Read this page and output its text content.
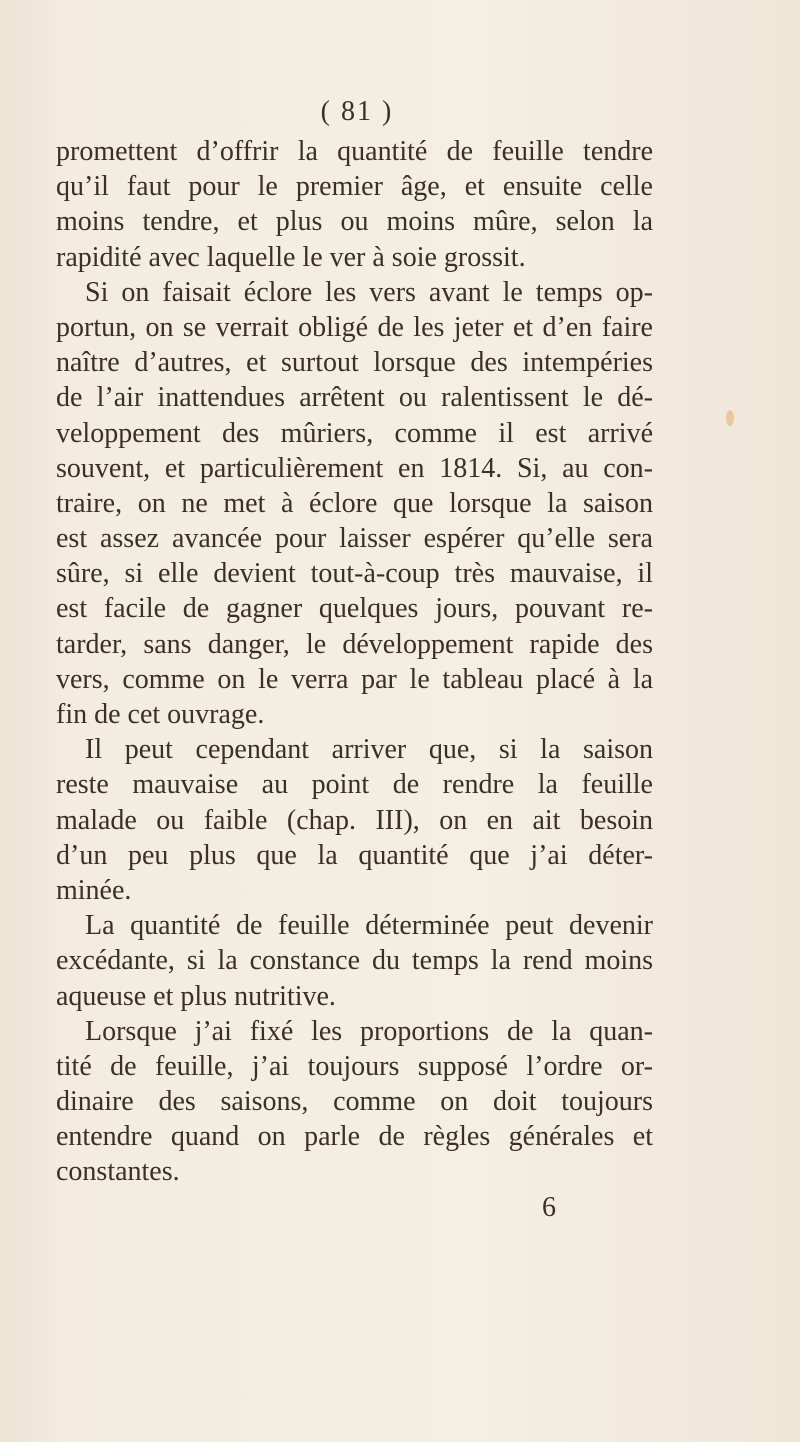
( 81 )
promettent d’offrir la quantité de feuille tendre
qu’il faut pour le premier âge, et ensuite celle
moins tendre, et plus ou moins mûre, selon la
rapidité avec laquelle le ver à soie grossit.
Si on faisait éclore les vers avant le temps op-
portun, on se verrait obligé de les jeter et d’en faire
naître d’autres, et surtout lorsque des intempéries
de l’air inattendues arrêtent ou ralentissent le dé-
veloppement des mûriers, comme il est arrivé
souvent, et particulièrement en 1814. Si, au con-
traire, on ne met à éclore que lorsque la saison
est assez avancée pour laisser espérer qu’elle sera
sûre, si elle devient tout-à-coup très mauvaise, il
est facile de gagner quelques jours, pouvant re-
tarder, sans danger, le développement rapide des
vers, comme on le verra par le tableau placé à la
fin de cet ouvrage.
Il peut cependant arriver que, si la saison
reste mauvaise au point de rendre la feuille
malade ou faible (chap. III), on en ait besoin
d’un peu plus que la quantité que j’ai déter-
minée.
La quantité de feuille déterminée peut devenir
excédante, si la constance du temps la rend moins
aqueuse et plus nutritive.
Lorsque j’ai fixé les proportions de la quan-
tité de feuille, j’ai toujours supposé l’ordre or-
dinaire des saisons, comme on doit toujours
entendre quand on parle de règles générales et
constantes.
6
